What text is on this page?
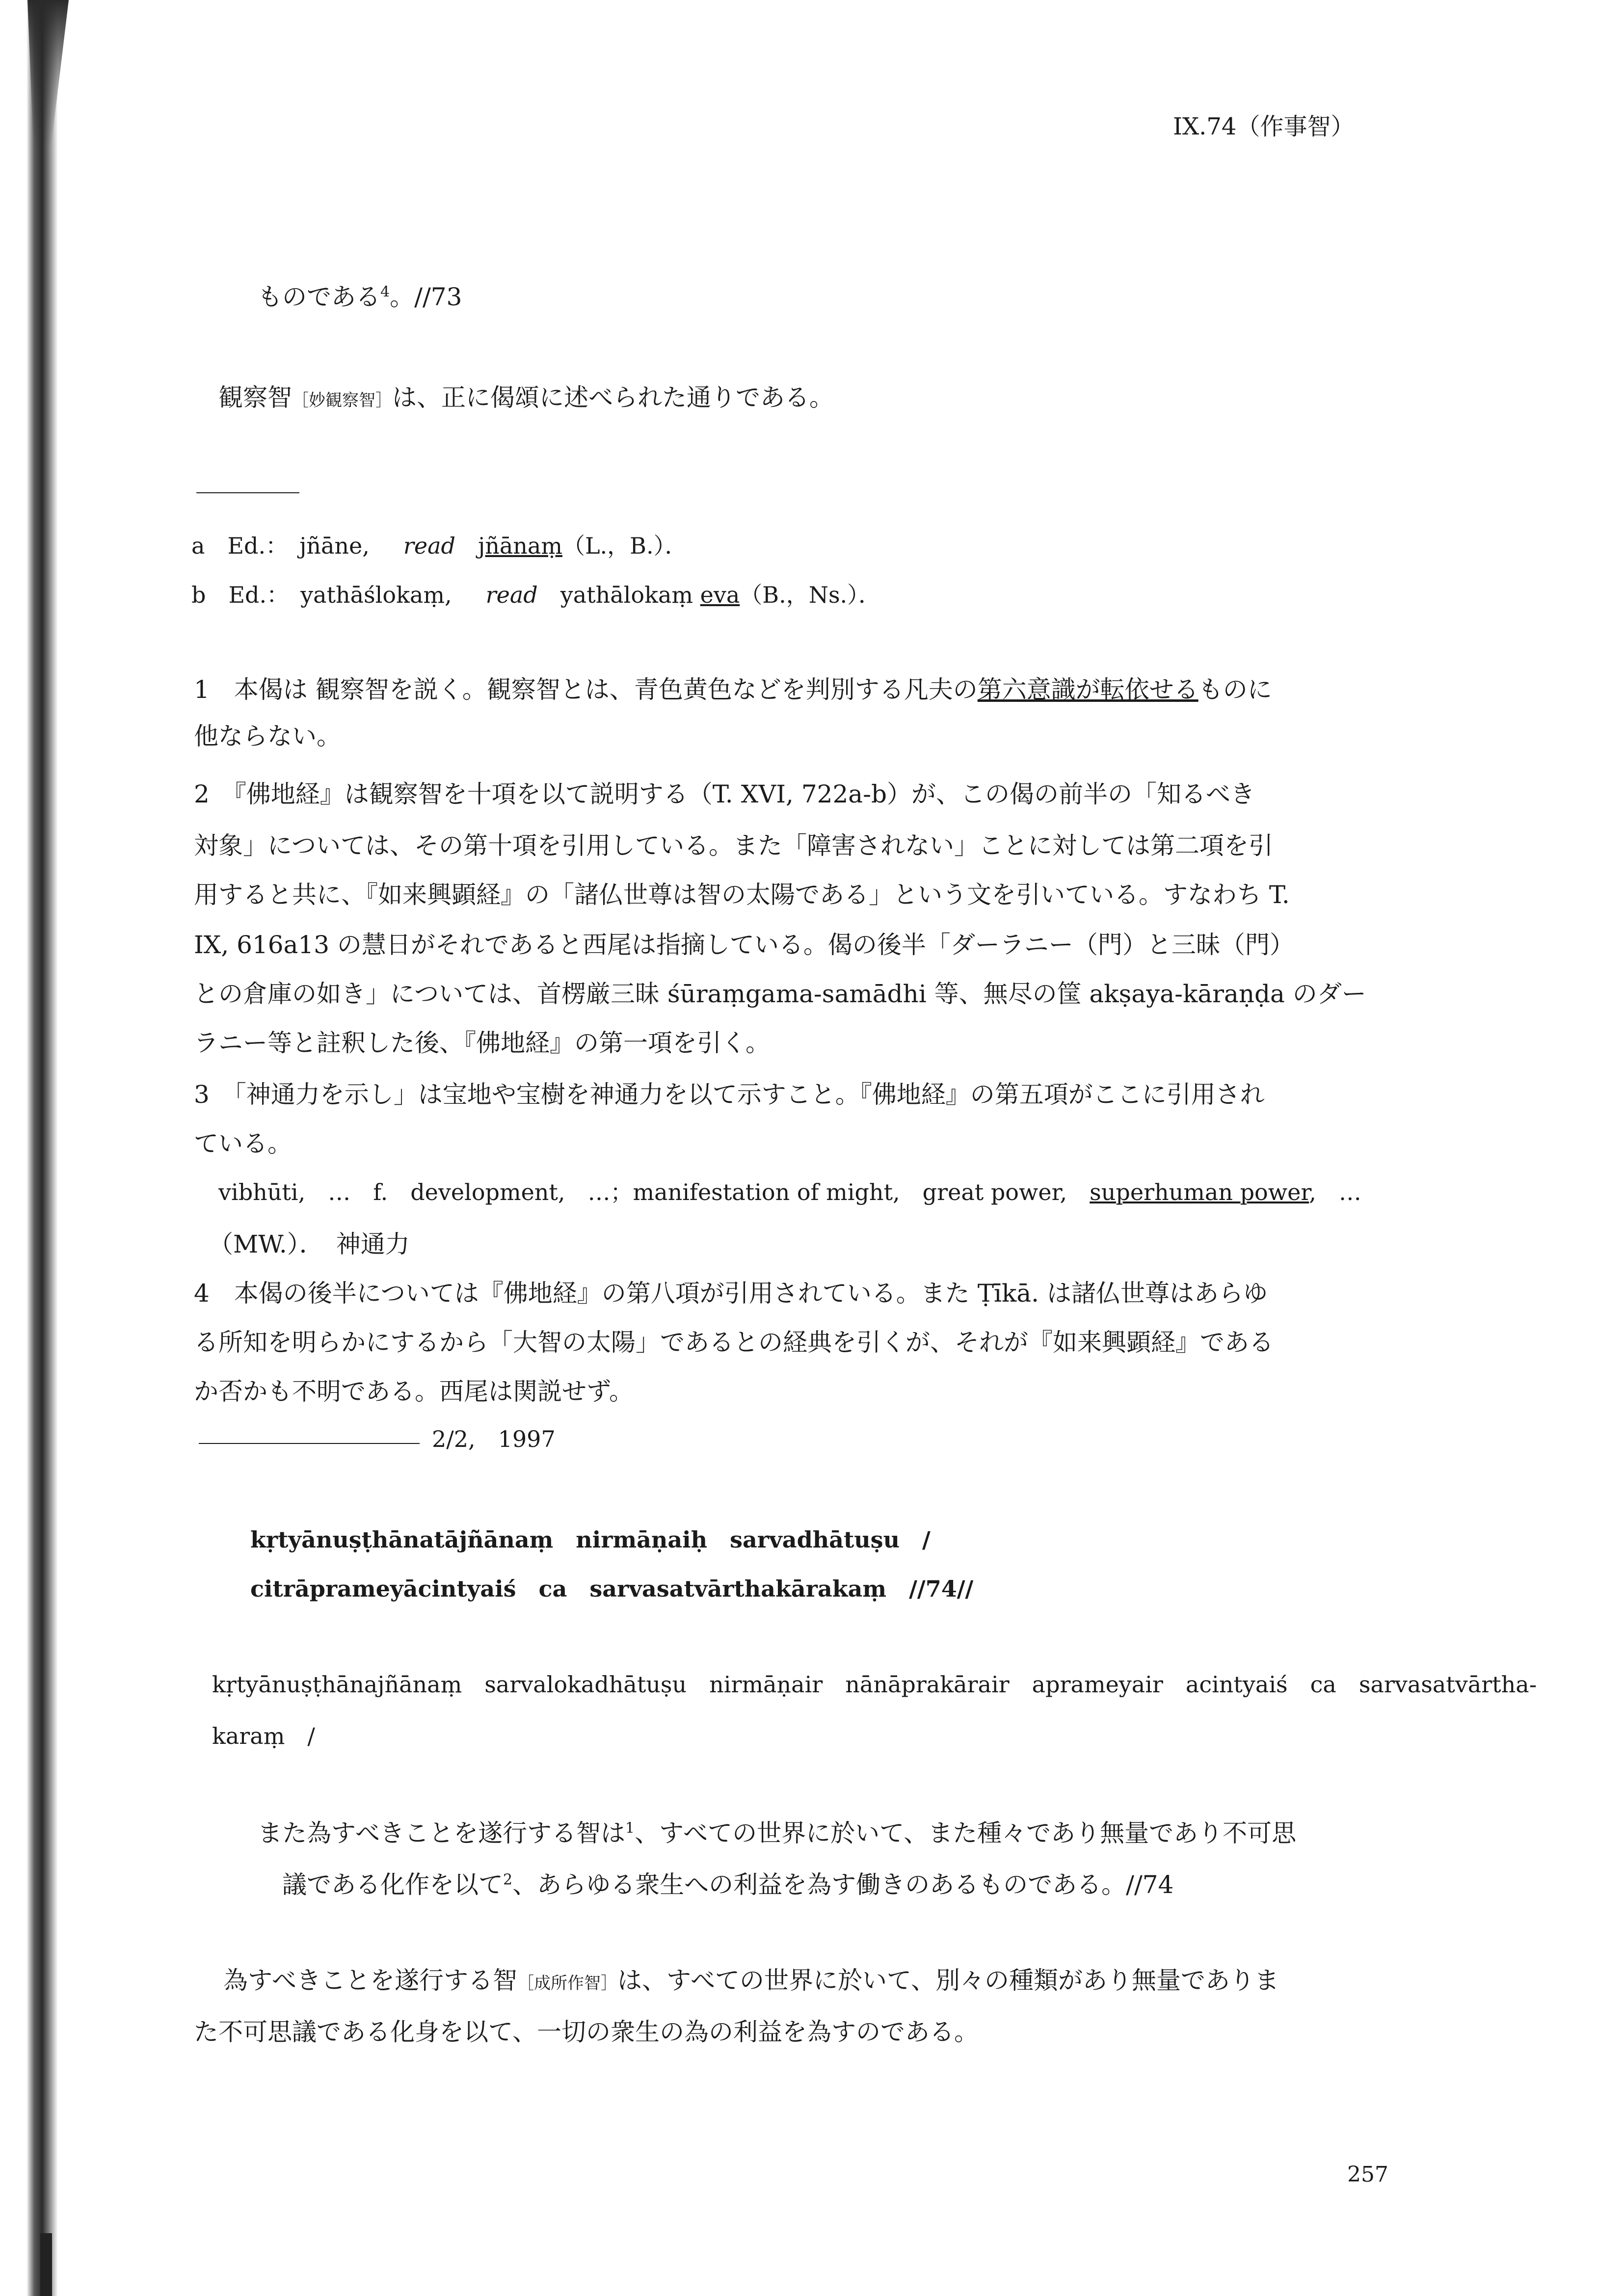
IX.74（作事智）
ものである$^4$。//73
観察智［妙観察智］は、正に偈頌に述べられた通りである。
a  Ed.：  jñāne,   read   jñānaṃ（L.，B.）．
b  Ed.：  yathāślokaṃ,   read   yathālokaṃ eva（B.，Ns.）．
1　本偈は 観察智を説く。観察智とは、青色黄色などを判別する凡夫の第六意識が転依せるものに
他ならない。
2　『佛地経』は観察智を十項を以て説明する（T. XVI, 722a-b）が、この偈の前半の「知るべき
対象」については、その第十項を引用している。また「障害されない」ことに対しては第二項を引
用すると共に、『如来興顕経』の「諸仏世尊は智の太陽である」という文を引いている。すなわち T.
IX, 616a13 の慧日がそれであると西尾は指摘している。偈の後半「ダーラニー（門）と三昧（門）
との倉庫の如き」については、首楞厳三昧 śūraṃgama-samādhi 等、無尽の筺 akṣaya-kāraṇḍa のダー
ラニー等と註釈した後、『佛地経』の第一項を引く。
3　「神通力を示し」は宝地や宝樹を神通力を以て示すこと。『佛地経』の第五項がここに引用され
ている。
vibhūti,　…　f.　development,　…；manifestation of might,　great power,　superhuman power,　…
（MW.）．　神通力
4　本偈の後半については『佛地経』の第八項が引用されている。また Ṭīkā. は諸仏世尊はあらゆ
る所知を明らかにするから「大智の太陽」であるとの経典を引くが、それが『如来興顕経』である
か否かも不明である。西尾は関説せず。
2/2,　1997
kṛtyānuṣṭhānatājñānaṃ　nirmāṇaiḥ　sarvadhātuṣu　/
citrāprameyācintyaiś　ca　sarvasatvārthakārakaṃ　//74//
kṛtyānuṣṭhānajñānaṃ　sarvalokadhātuṣu　nirmāṇair　nānāprakārair　aprameyair　acintyaiś　ca　sarvasatvārtha-
karaṃ　/
また為すべきことを遂行する智は$^1$、すべての世界に於いて、また種々であり無量であり不可思
議である化作を以て$^2$、あらゆる衆生への利益を為す働きのあるものである。//74
為すべきことを遂行する智［成所作智］は、すべての世界に於いて、別々の種類があり無量でありま
た不可思議である化身を以て、一切の衆生の為の利益を為すのである。
257
